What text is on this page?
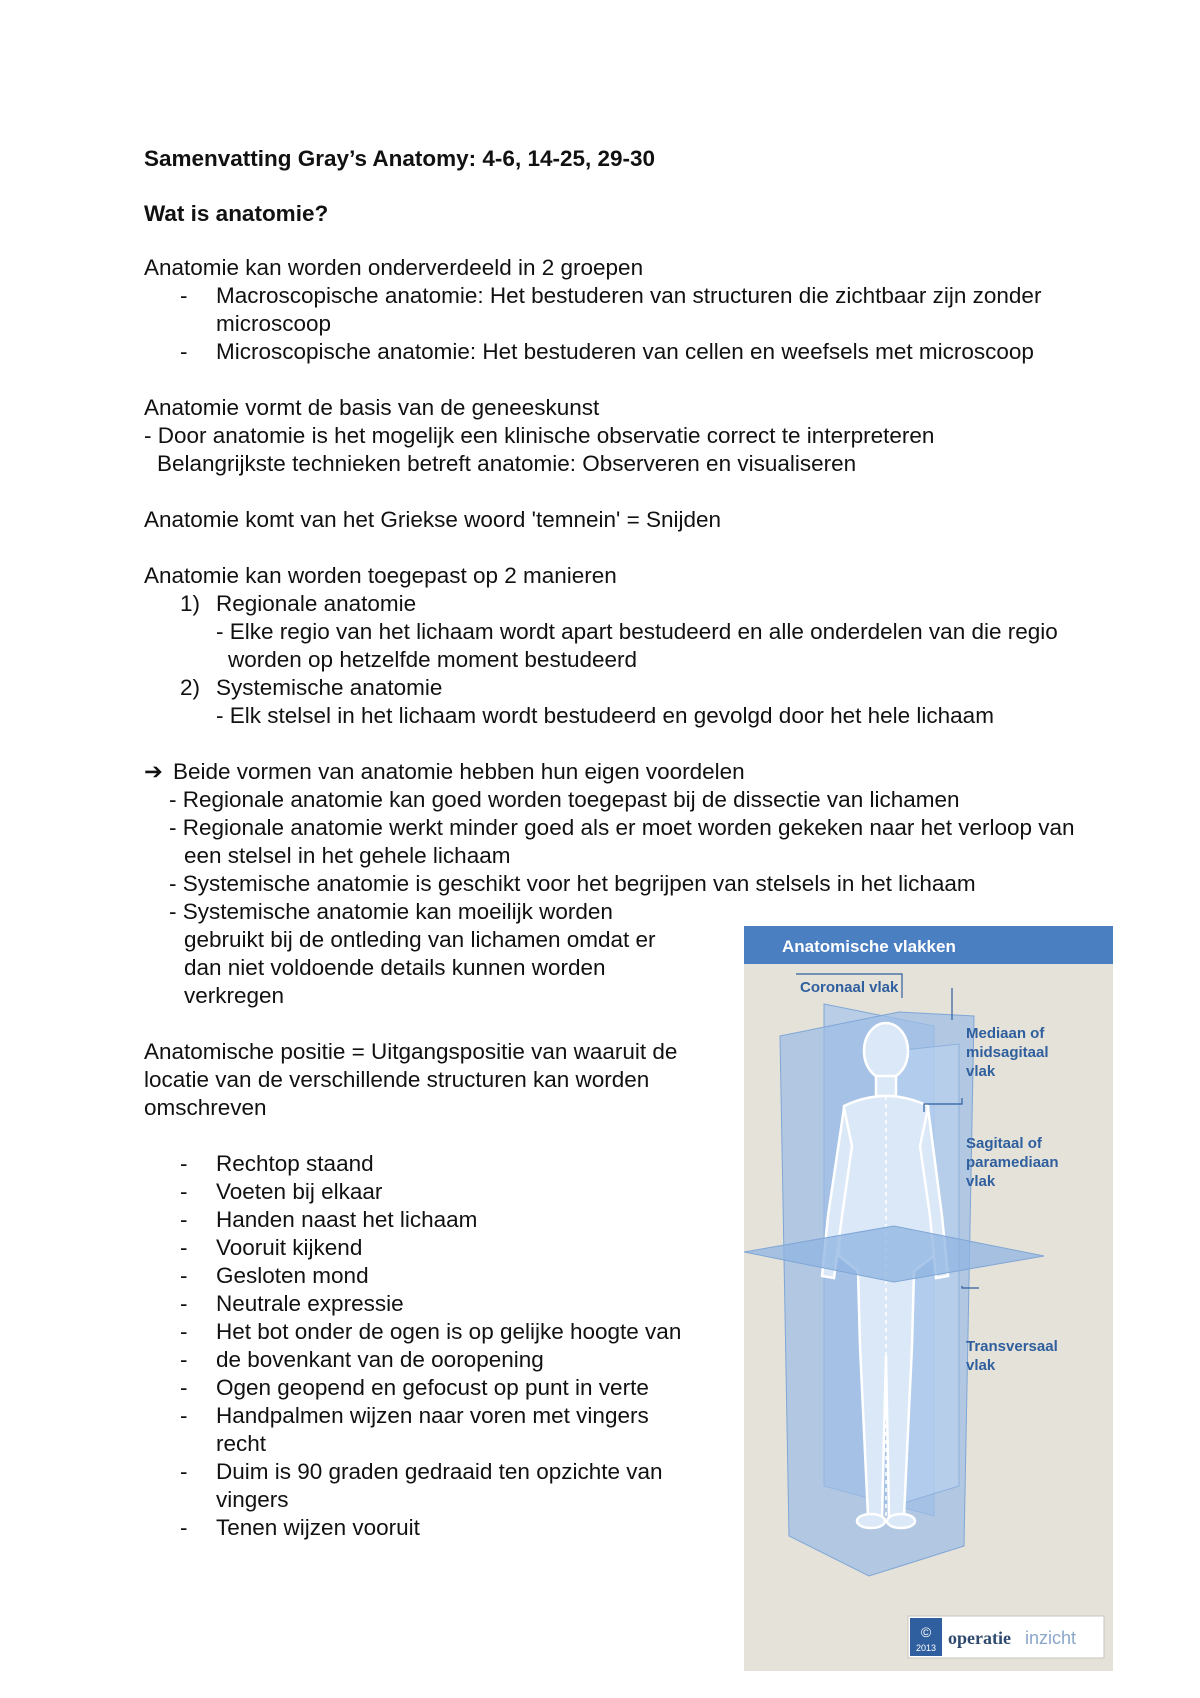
Samenvatting Gray’s Anatomy: 4-6, 14-25, 29-30
Wat is anatomie?
Anatomie kan worden onderverdeeld in 2 groepen
- Macroscopische anatomie: Het bestuderen van structuren die zichtbaar zijn zonder
microscoop
- Microscopische anatomie: Het bestuderen van cellen en weefsels met microscoop
Anatomie vormt de basis van de geneeskunst
- Door anatomie is het mogelijk een klinische observatie correct te interpreteren
Belangrijkste technieken betreft anatomie: Observeren en visualiseren
Anatomie komt van het Griekse woord 'temnein' = Snijden
Anatomie kan worden toegepast op 2 manieren
1) Regionale anatomie
- Elke regio van het lichaam wordt apart bestudeerd en alle onderdelen van die regio
worden op hetzelfde moment bestudeerd
2) Systemische anatomie
- Elk stelsel in het lichaam wordt bestudeerd en gevolgd door het hele lichaam
➔ Beide vormen van anatomie hebben hun eigen voordelen
- Regionale anatomie kan goed worden toegepast bij de dissectie van lichamen
- Regionale anatomie werkt minder goed als er moet worden gekeken naar het verloop van
een stelsel in het gehele lichaam
- Systemische anatomie is geschikt voor het begrijpen van stelsels in het lichaam
- Systemische anatomie kan moeilijk worden
gebruikt bij de ontleding van lichamen omdat er
dan niet voldoende details kunnen worden
verkregen
Anatomische positie = Uitgangspositie van waaruit de
locatie van de verschillende structuren kan worden
omschreven
- Rechtop staand
- Voeten bij elkaar
- Handen naast het lichaam
- Vooruit kijkend
- Gesloten mond
- Neutrale expressie
- Het bot onder de ogen is op gelijke hoogte van
- de bovenkant van de ooropening
- Ogen geopend en gefocust op punt in verte
- Handpalmen wijzen naar voren met vingers
recht
- Duim is 90 graden gedraaid ten opzichte van
vingers
- Tenen wijzen vooruit
Anatomische vlakken
Coronaal vlak
Mediaan of
midsagitaal
vlak
Sagitaal of
paramediaan
vlak
Transversaal
vlak
©
2013 operatie inzicht
